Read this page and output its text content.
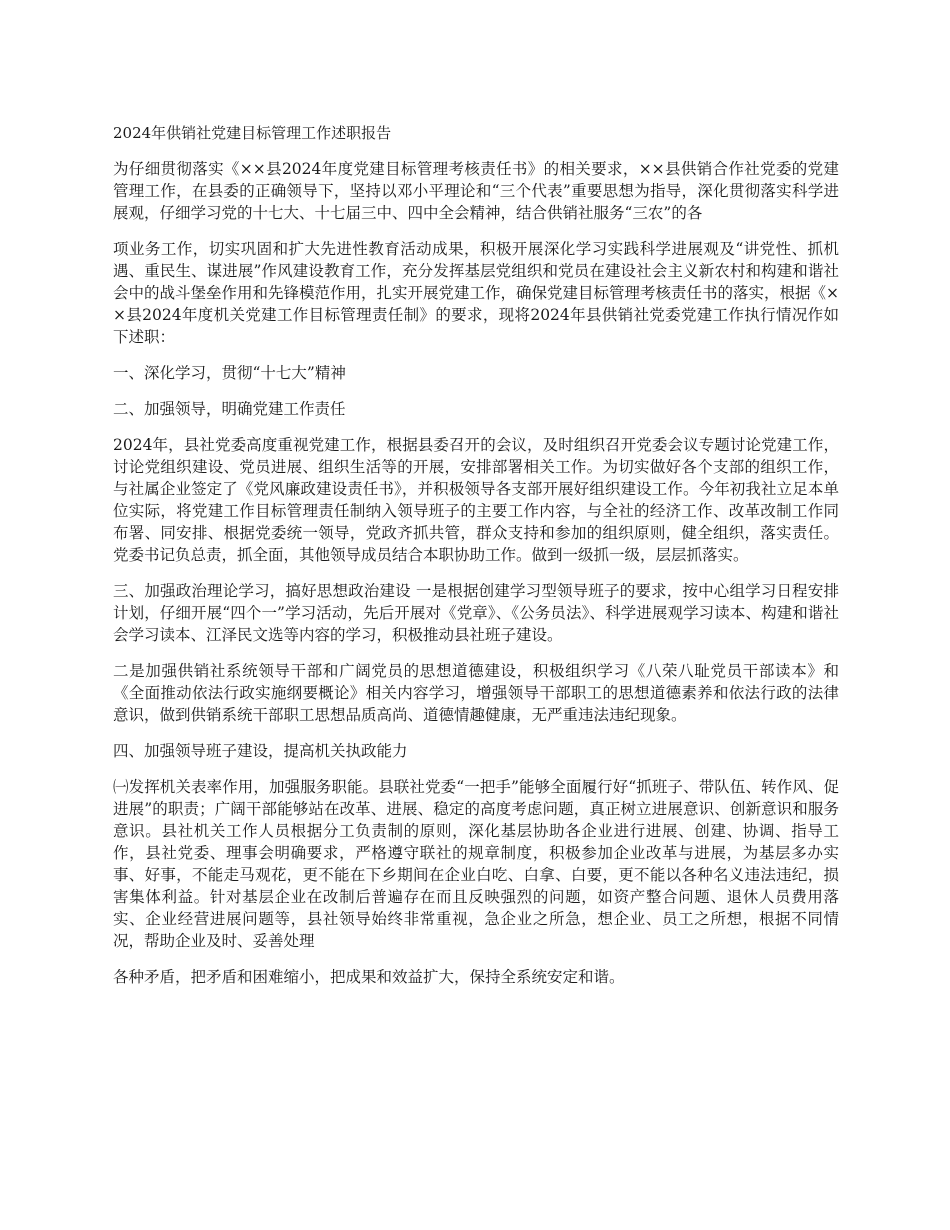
2024年供销社党建目标管理工作述职报告
为仔细贯彻落实《××县2024年度党建目标管理考核责任书》的相关要求，××县供销合作社党委的党建管理工作，在县委的正确领导下，坚持以邓小平理论和“三个代表”重要思想为指导，深化贯彻落实科学进展观，仔细学习党的十七大、十七届三中、四中全会精神，结合供销社服务“三农”的各
项业务工作，切实巩固和扩大先进性教育活动成果，积极开展深化学习实践科学进展观及“讲党性、抓机遇、重民生、谋进展”作风建设教育工作，充分发挥基层党组织和党员在建设社会主义新农村和构建和谐社会中的战斗堡垒作用和先锋模范作用，扎实开展党建工作，确保党建目标管理考核责任书的落实，根据《××县2024年度机关党建工作目标管理责任制》的要求，现将2024年县供销社党委党建工作执行情况作如下述职：
一、深化学习，贯彻“十七大”精神
二、加强领导，明确党建工作责任
2024年，县社党委高度重视党建工作，根据县委召开的会议，及时组织召开党委会议专题讨论党建工作，讨论党组织建设、党员进展、组织生活等的开展，安排部署相关工作。为切实做好各个支部的组织工作，与社属企业签定了《党风廉政建设责任书》，并积极领导各支部开展好组织建设工作。今年初我社立足本单位实际，将党建工作目标管理责任制纳入领导班子的主要工作内容，与全社的经济工作、改革改制工作同布署、同安排、根据党委统一领导，党政齐抓共管，群众支持和参加的组织原则，健全组织，落实责任。党委书记负总责，抓全面，其他领导成员结合本职协助工作。做到一级抓一级，层层抓落实。
三、加强政治理论学习，搞好思想政治建设 一是根据创建学习型领导班子的要求，按中心组学习日程安排计划，仔细开展“四个一”学习活动，先后开展对《党章》、《公务员法》、科学进展观学习读本、构建和谐社会学习读本、江泽民文选等内容的学习，积极推动县社班子建设。
二是加强供销社系统领导干部和广阔党员的思想道德建设，积极组织学习《八荣八耻党员干部读本》和《全面推动依法行政实施纲要概论》相关内容学习，增强领导干部职工的思想道德素养和依法行政的法律意识，做到供销系统干部职工思想品质高尚、道德情趣健康，无严重违法违纪现象。
四、加强领导班子建设，提高机关执政能力
㈠发挥机关表率作用，加强服务职能。县联社党委“一把手”能够全面履行好“抓班子、带队伍、转作风、促进展”的职责；广阔干部能够站在改革、进展、稳定的高度考虑问题，真正树立进展意识、创新意识和服务意识。县社机关工作人员根据分工负责制的原则，深化基层协助各企业进行进展、创建、协调、指导工作，县社党委、理事会明确要求，严格遵守联社的规章制度，积极参加企业改革与进展，为基层多办实事、好事，不能走马观花，更不能在下乡期间在企业白吃、白拿、白要，更不能以各种名义违法违纪，损害集体利益。针对基层企业在改制后普遍存在而且反映强烈的问题，如资产整合问题、退休人员费用落实、企业经营进展问题等，县社领导始终非常重视，急企业之所急，想企业、员工之所想，根据不同情况，帮助企业及时、妥善处理
各种矛盾，把矛盾和困难缩小，把成果和效益扩大，保持全系统安定和谐。
